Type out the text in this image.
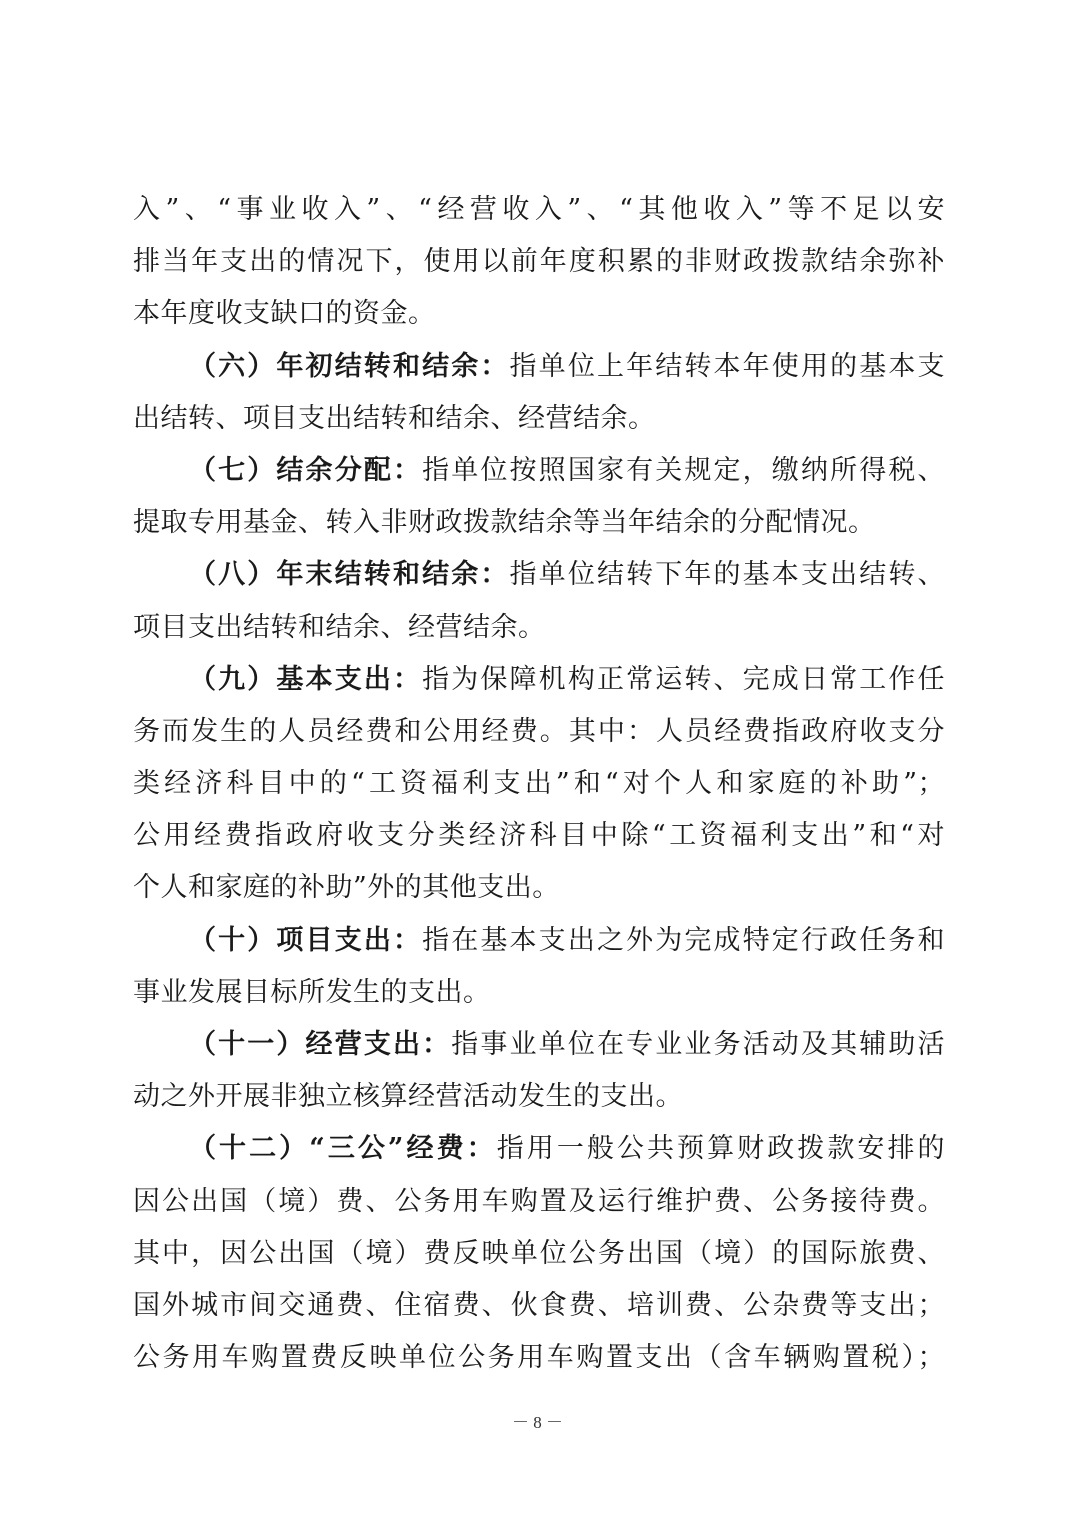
入”、“事业收入”、“经营收入”、“其他收入”等不足以安
排当年支出的情况下，使用以前年度积累的非财政拨款结余弥补
本年度收支缺口的资金。
（六）年初结转和结余：指单位上年结转本年使用的基本支
出结转、项目支出结转和结余、经营结余。
（七）结余分配：指单位按照国家有关规定，缴纳所得税、
提取专用基金、转入非财政拨款结余等当年结余的分配情况。
（八）年末结转和结余：指单位结转下年的基本支出结转、
项目支出结转和结余、经营结余。
（九）基本支出：指为保障机构正常运转、完成日常工作任
务而发生的人员经费和公用经费。其中：人员经费指政府收支分
类经济科目中的“工资福利支出”和“对个人和家庭的补助”；
公用经费指政府收支分类经济科目中除“工资福利支出”和“对
个人和家庭的补助”外的其他支出。
（十）项目支出：指在基本支出之外为完成特定行政任务和
事业发展目标所发生的支出。
（十一）经营支出：指事业单位在专业业务活动及其辅助活
动之外开展非独立核算经营活动发生的支出。
（十二）“三公”经费：指用一般公共预算财政拨款安排的
因公出国（境）费、公务用车购置及运行维护费、公务接待费。
其中，因公出国（境）费反映单位公务出国（境）的国际旅费、
国外城市间交通费、住宿费、伙食费、培训费、公杂费等支出；
公务用车购置费反映单位公务用车购置支出（含车辆购置税）；
－ 8 －
